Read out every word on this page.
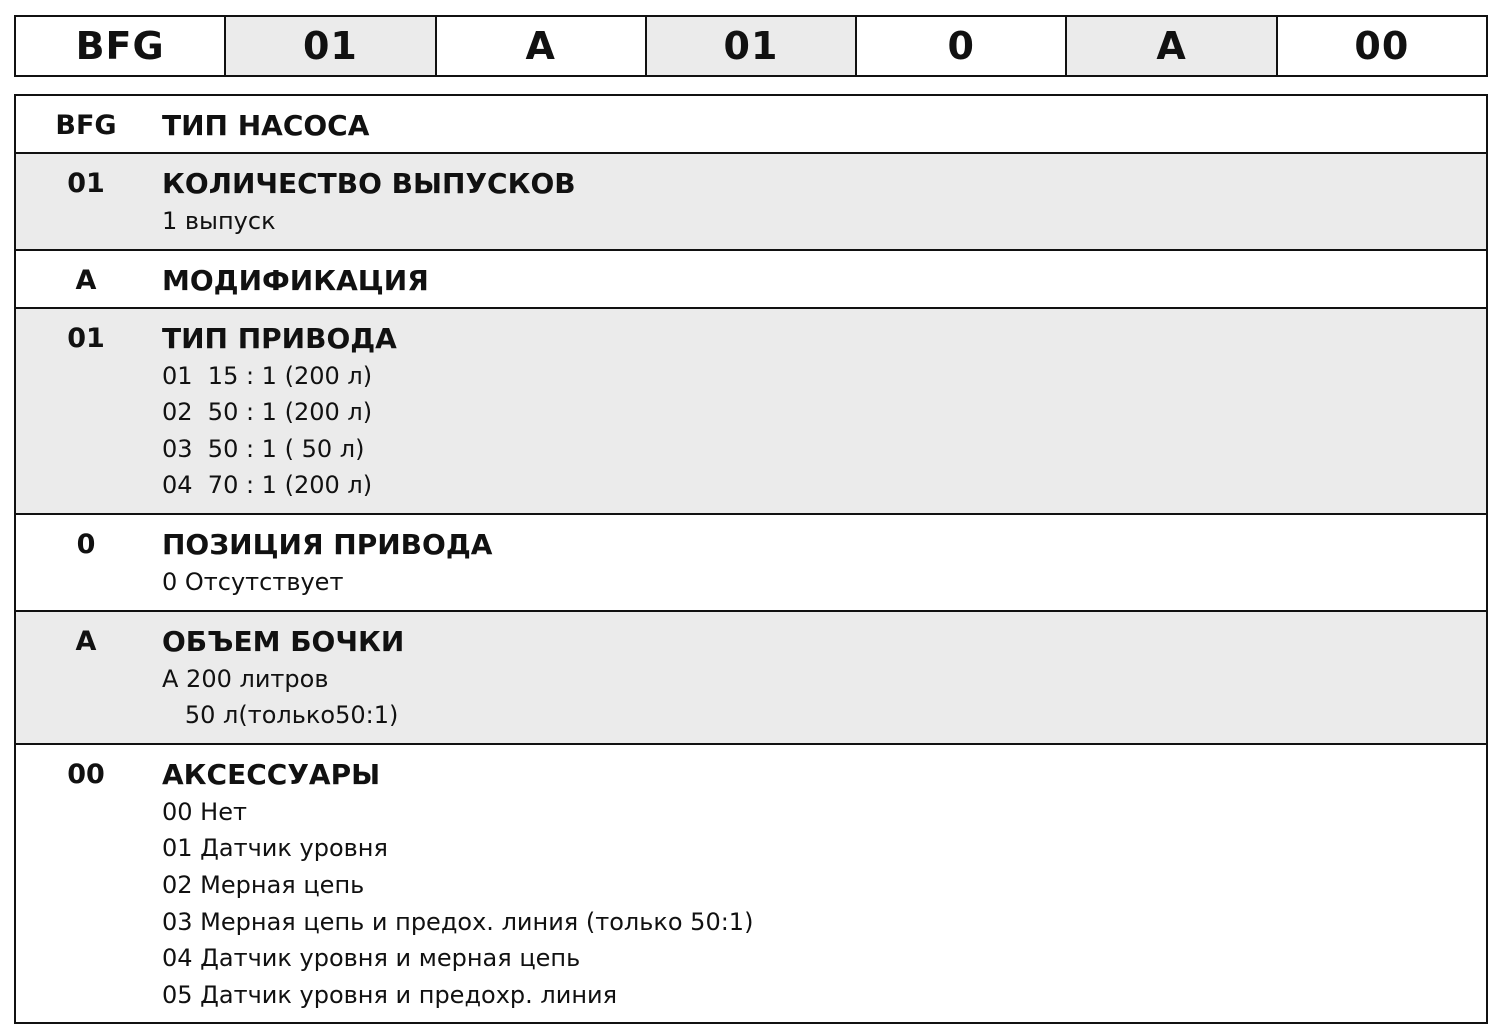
BFG	01	A	01	0	A	00
BFG	ТИП НАСОСА
01	КОЛИЧЕСТВО ВЫПУСКОВ
1 выпуск
A	МОДИФИКАЦИЯ
01	ТИП ПРИВОДА
01  15 : 1 (200 л)
02  50 : 1 (200 л)
03  50 : 1 ( 50 л)
04  70 : 1 (200 л)
0	ПОЗИЦИЯ ПРИВОДА
0 Отсутствует
A	ОБЪЕМ БОЧКИ
A 200 литров
50 л(только50:1)
00	АКСЕССУАРЫ
00 Нет
01 Датчик уровня
02 Мерная цепь
03 Мерная цепь и предох. линия (только 50:1)
04 Датчик уровня и мерная цепь
05 Датчик уровня и предохр. линия
